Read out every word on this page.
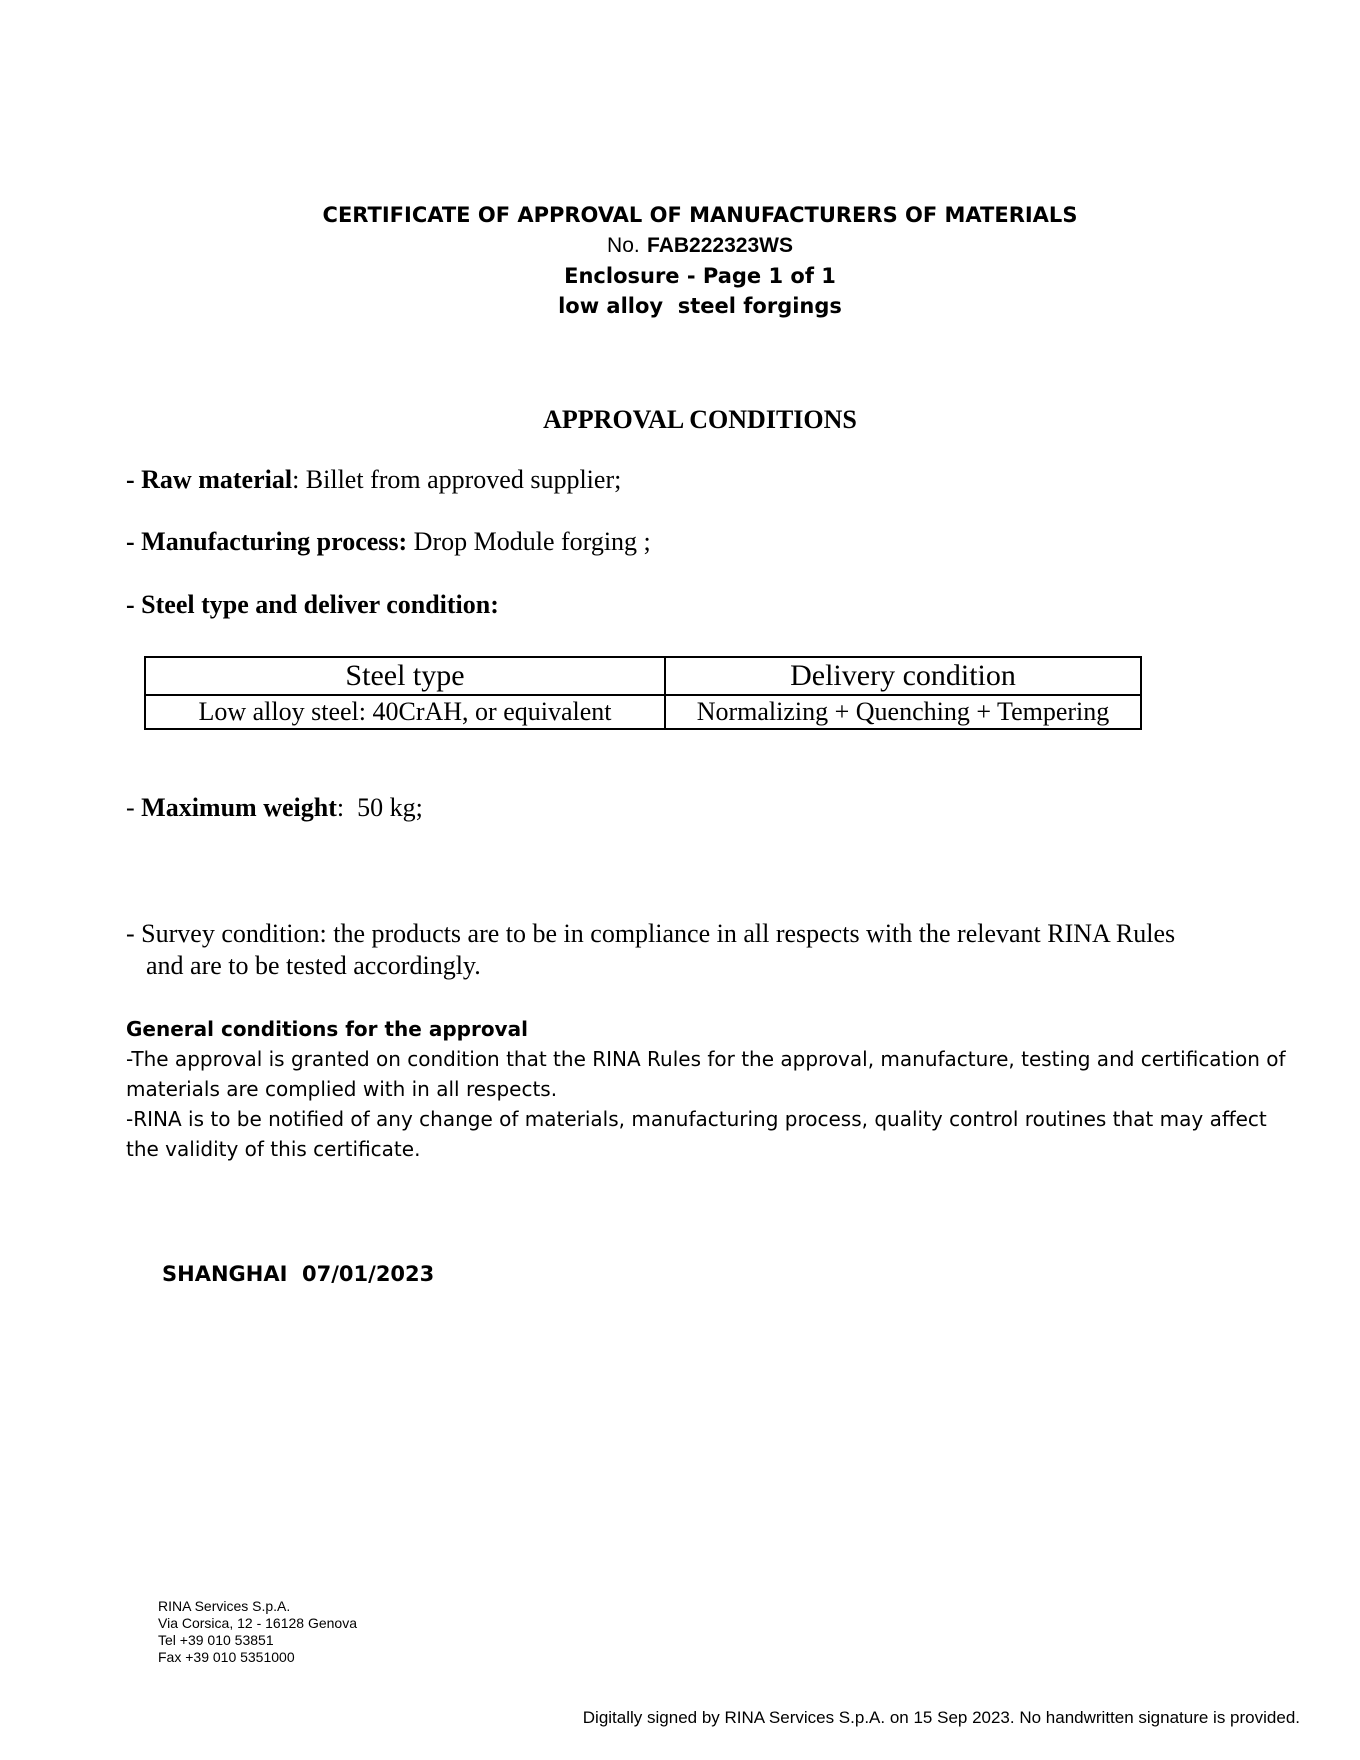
CERTIFICATE OF APPROVAL OF MANUFACTURERS OF MATERIALS
No. FAB222323WS
Enclosure - Page 1 of 1
low alloy  steel forgings
APPROVAL CONDITIONS
- Raw material: Billet from approved supplier;
- Manufacturing process: Drop Module forging ;
- Steel type and deliver condition:
Steel type	Delivery condition
Low alloy steel: 40CrAH, or equivalent	Normalizing + Quenching + Tempering
- Maximum weight:  50 kg;
- Survey condition: the products are to be in compliance in all respects with the relevant RINA Rules
and are to be tested accordingly.
General conditions for the approval
-The approval is granted on condition that the RINA Rules for the approval, manufacture, testing and certification of
materials are complied with in all respects.
-RINA is to be notified of any change of materials, manufacturing process, quality control routines that may affect
the validity of this certificate.
SHANGHAI  07/01/2023
RINA Services S.p.A.
Via Corsica, 12 - 16128 Genova
Tel +39 010 53851
Fax +39 010 5351000
Digitally signed by RINA Services S.p.A. on 15 Sep 2023. No handwritten signature is provided.
